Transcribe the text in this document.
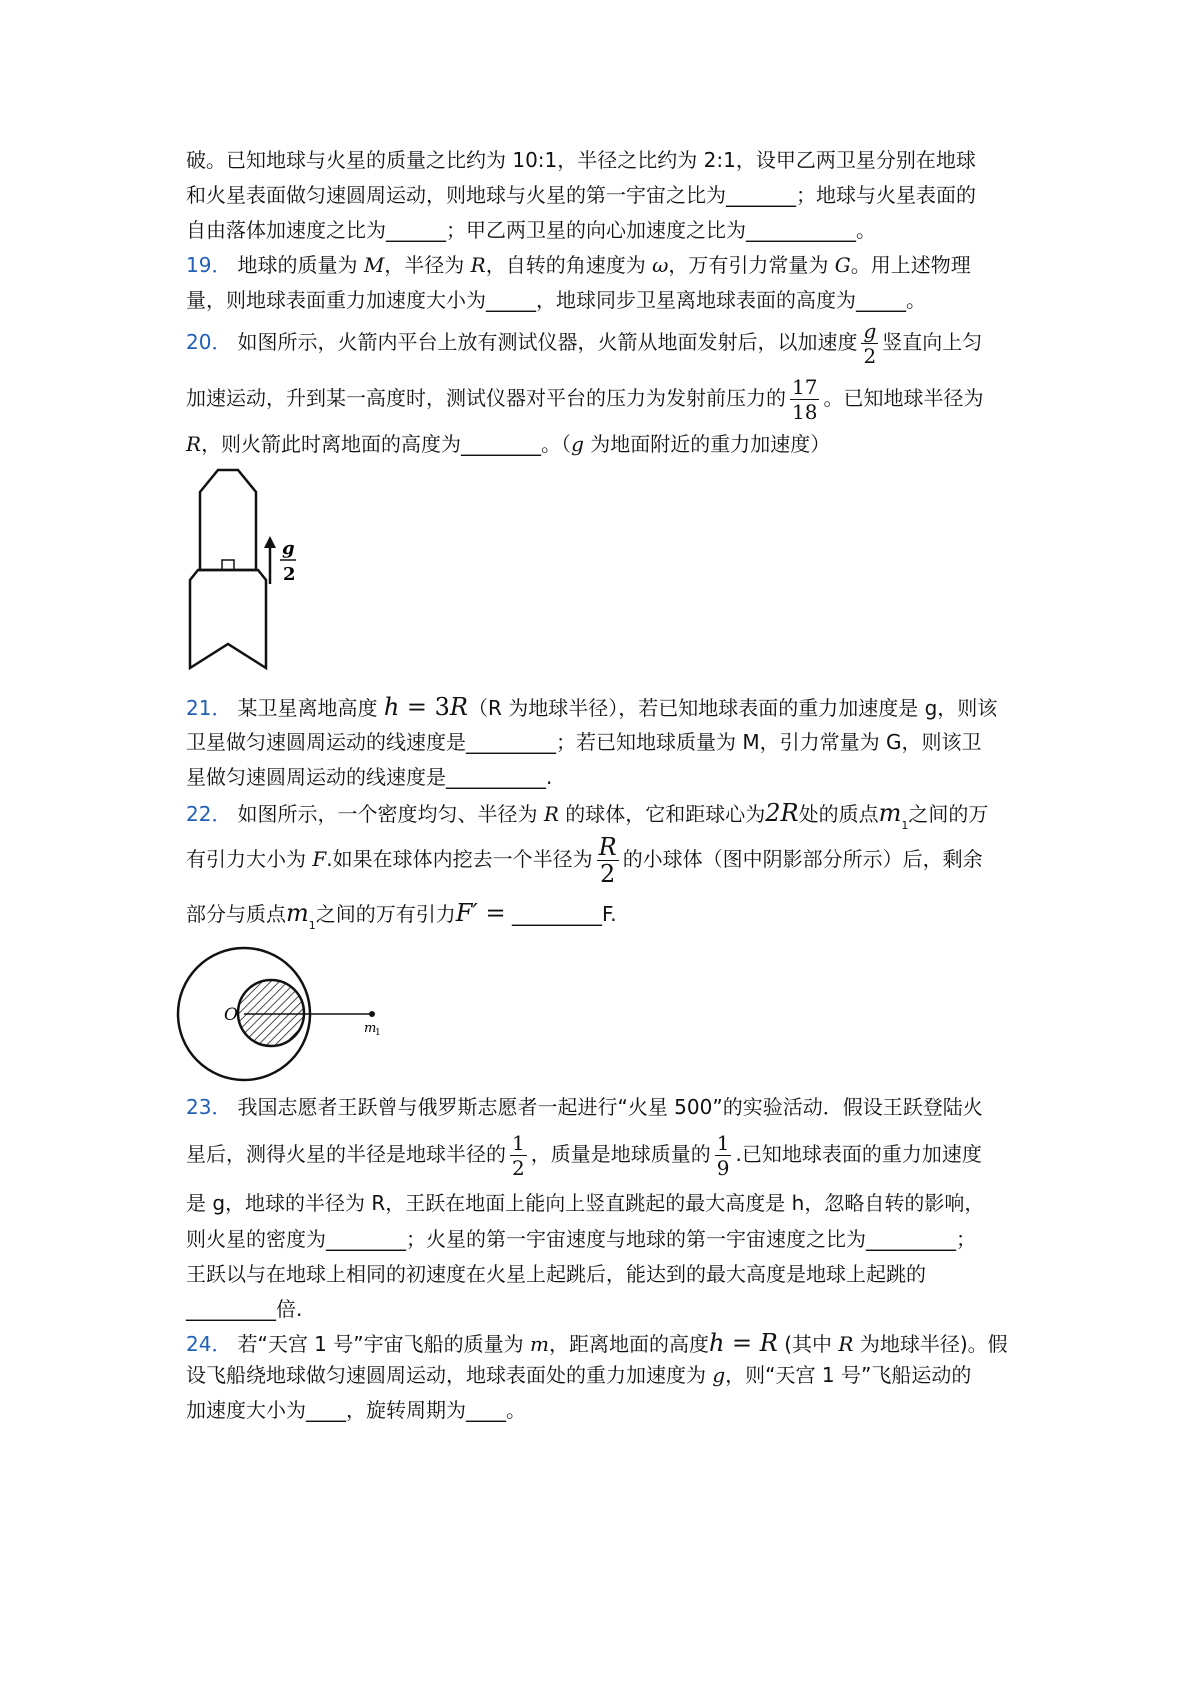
破。已知地球与火星的质量之比约为 10:1，半径之比约为 2:1，设甲乙两卫星分别在地球
和火星表面做匀速圆周运动，则地球与火星的第一宇宙之比为_______；地球与火星表面的
自由落体加速度之比为______；甲乙两卫星的向心加速度之比为___________。
19． 地球的质量为 M，半径为 R，自转的角速度为 ω，万有引力常量为 G。用上述物理
量，则地球表面重力加速度大小为_____，地球同步卫星离地球表面的高度为_____。
20． 如图所示，火箭内平台上放有测试仪器，火箭从地面发射后，以加速度 $\frac{g}{2}$ 竖直向上匀
加速运动，升到某一高度时，测试仪器对平台的压力为发射前压力的 $\frac{17}{18}$ 。已知地球半径为
R，则火箭此时离地面的高度为________。（g 为地面附近的重力加速度）
g
2
21． 某卫星离地高度 h = 3R（R 为地球半径），若已知地球表面的重力加速度是 g，则该
卫星做匀速圆周运动的线速度是_________；若已知地球质量为 M，引力常量为 G，则该卫
星做匀速圆周运动的线速度是__________.
22． 如图所示，一个密度均匀、半径为 R 的球体，它和距球心为2R处的质点$m_1$之间的万
有引力大小为 F.如果在球体内挖去一个半径为 $\frac{R}{2}$ 的小球体（图中阴影部分所示）后，剩余
部分与质点$m_1$之间的万有引力F′ = _________F.
O
m
1
23． 我国志愿者王跃曾与俄罗斯志愿者一起进行“火星 500”的实验活动．假设王跃登陆火
星后，测得火星的半径是地球半径的 $\frac{1}{2}$ ，质量是地球质量的 $\frac{1}{9}$ .已知地球表面的重力加速度
是 g，地球的半径为 R，王跃在地面上能向上竖直跳起的最大高度是 h，忽略自转的影响，
则火星的密度为________；火星的第一宇宙速度与地球的第一宇宙速度之比为_________；
王跃以与在地球上相同的初速度在火星上起跳后，能达到的最大高度是地球上起跳的
_________倍.
24． 若“天宫 1 号”宇宙飞船的质量为 m，距离地面的高度h = R (其中 R 为地球半径)。假
设飞船绕地球做匀速圆周运动，地球表面处的重力加速度为 g，则“天宫 1 号”飞船运动的
加速度大小为____，旋转周期为____。
